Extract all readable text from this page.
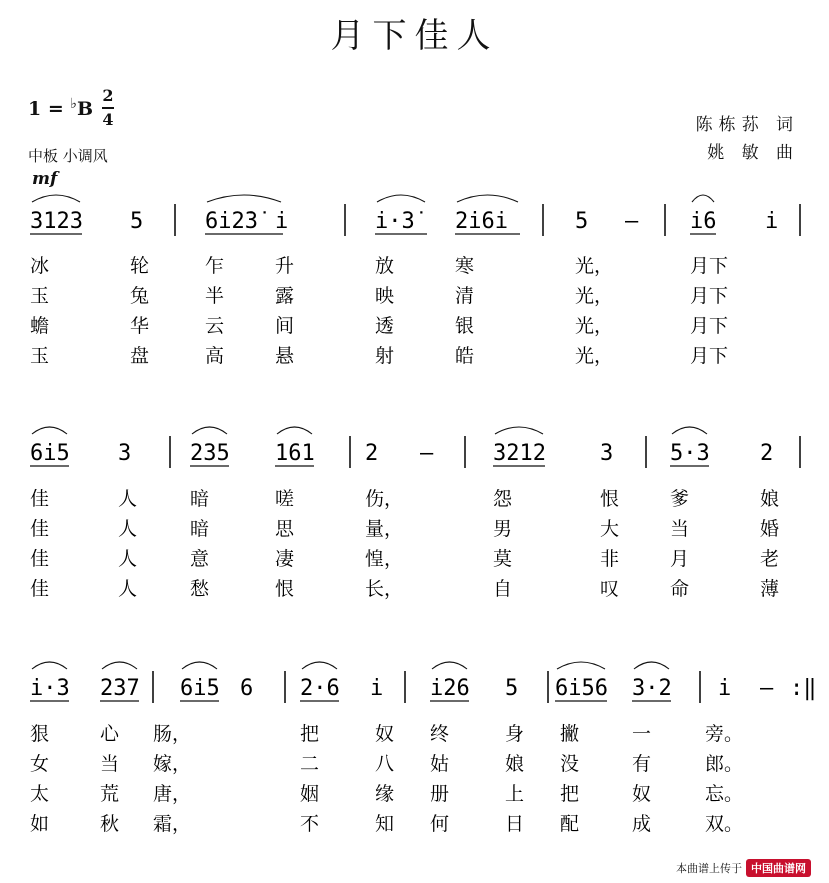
月下佳人
1 = ♭B
2
4
中板 小调风
陈栋荪 词
姚 敏 曲
mf
3123 5	6i2̇3̇ i	i·3̇	2̇i6i	5 – i6 i
冰	轮	乍	升	放	寒	光，	月下
玉	兔	半	露	映	清	光，	月下
蟾	华	云	间	透	银	光，	月下
玉	盘	高	悬	射	皓	光，	月下
6i5 3	235 161 2 –	3212 3	5·3 2
佳	人	暗	嗟	伤，	怨	恨	爹	娘
佳	人	暗	思	量，	男	大	当	婚
佳	人	意	凄	惶，	莫	非	月	老
佳	人	愁	恨	长，	自	叹	命	薄
i·3 237 6i5 6 2·6 i i26 5 6i56 3·2 i – :‖
狠	心 肠，	把	奴 终	身 撇	一	旁。
女	当 嫁，	二	八 姑	娘 没	有	郎。
太	荒 唐，	姻	缘 册	上 把	奴	忘。
如	秋 霜，	不	知 何	日 配	成	双。
本曲谱上传于 中国曲谱网
